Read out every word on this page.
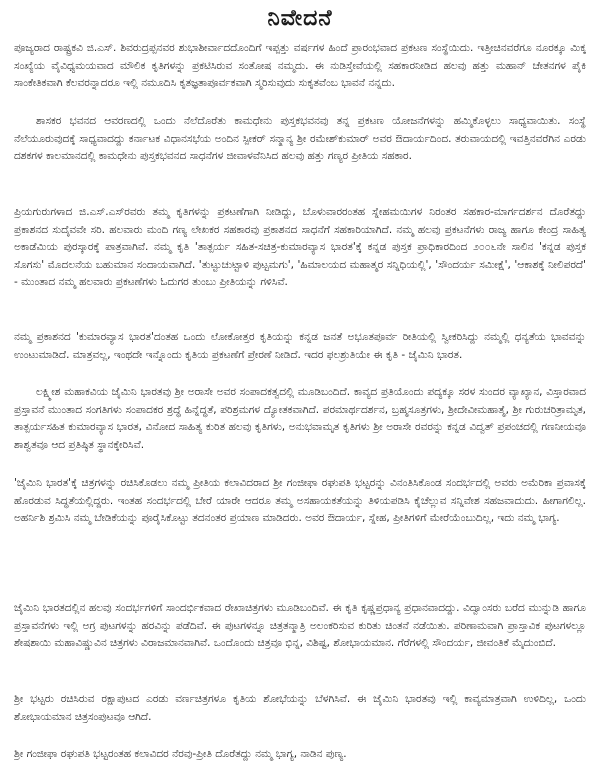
ನಿವೇದನೆ

ಪೂಜ್ಯರಾದ ರಾಷ್ಟ್ರಕವಿ ಜಿ.ಎಸ್. ಶಿವರುದ್ರಪ್ಪನವರ ಶುಭಾಶೀರ್ವಾದದೊಂದಿಗೆ ಇಪ್ಪತ್ತು ವರ್ಷಗಳ ಹಿಂದೆ ಪ್ರಾರಂಭವಾದ ಪ್ರಕಟಣ ಸಂಸ್ಥೆಯಿದು. ಇತ್ತೀಚಿನವರೆಗೂ ನೂರಕ್ಕೂ ಮಿಕ್ಕ ಸಂಖ್ಯೆಯ ವೈವಿಧ್ಯಮಯವಾದ ಮೌಲಿಕ ಕೃತಿಗಳನ್ನು ಪ್ರಕಟಿಸಿರುವ ಸಂತೋಷ ನಮ್ಮದು. ಈ ನುಡಿಸ್ತೇವೆಯಲ್ಲಿ ಸಹಕಾರನೀಡಿದ ಹಲವು ಹತ್ತು ಮಹಾನ್ ಚೇತನಗಳ ಪೈಕಿ ಸಾಂಕೇತಿಕವಾಗಿ ಕೆಲವರನ್ನಾದರೂ ಇಲ್ಲಿ ನಮೂದಿಸಿ ಕೃತಜ್ಞತಾಪೂರ್ವಕವಾಗಿ ಸ್ಮರಿಸುವುದು ಸುಕೃತವೆಂಬ ಭಾವನೆ ನನ್ನದು.

ಶಾಸಕರ ಭವನದ ಆವರಣದಲ್ಲಿ ಒಂದು ನೆಲೆದೊರೆತು ಕಾಮಧೇನು ಪುಸ್ತಕಭವನವು ತನ್ನ ಪ್ರಕಟಣ ಯೋಜನೆಗಳನ್ನು ಹಮ್ಮಿಕೊಳ್ಳಲು ಸಾಧ್ಯವಾಯಿತು. ಸಂಸ್ಥೆ ನೆಲೆಯೂರುವುದಕ್ಕೆ ಸಾಧ್ಯವಾದದ್ದು ಕರ್ನಾಟಕ ವಿಧಾನಸಭೆಯ ಅಂದಿನ ಸ್ಪೀಕರ್ ಸನ್ಮಾನ್ಯ ಶ್ರೀ ರಮೇಶ್‌ಕುಮಾರ್ ಅವರ ಔದಾರ್ಯದಿಂದ. ತರುವಾಯದಲ್ಲಿ ಇವತ್ತಿನವರೆಗಿನ ಎರಡು ದಶಕಗಳ ಕಾಲಮಾನದಲ್ಲಿ ಕಾಮಧೇನು ಪುಸ್ತಕಭವನದ ಸಾಧನೆಗಳ ಜೀವಾಳವೆನಿಸಿದ ಹಲವು ಹತ್ತು ಗಣ್ಯರ ಪ್ರೀತಿಯ ಸಹಕಾರ.

ಪ್ರಿಯಗುರುಗಳಾದ ಜಿ.ಎಸ್.ಎಸ್‌ರವರು ತಮ್ಮ ಕೃತಿಗಳನ್ನು ಪ್ರಕಟಣೆಗಾಗಿ ನೀಡಿದ್ದು, ಬೊಳುವಾರರಂತಹ ಸ್ನೇಹಮಯಿಗಳ ನಿರಂತರ ಸಹಕಾರ-ಮಾರ್ಗದರ್ಶನ ದೊರೆತದ್ದು ಪ್ರಕಾಶನದ ಸುದೈವವೇ ಸರಿ. ಹಲವಾರು ಮಂದಿ ಗಣ್ಯ ಲೇಖಕರ ಸಹಕಾರವು ಪ್ರಕಾಶನದ ಸಾಧನೆಗೆ ಸಹಕಾರಿಯಾಗಿದೆ. ನಮ್ಮ ಹಲವು ಪ್ರಕಟನೆಗಳು ರಾಜ್ಯ ಹಾಗೂ ಕೇಂದ್ರ ಸಾಹಿತ್ಯ ಅಕಾಡೆಮಿಯ ಪುರಸ್ಕಾರಕ್ಕೆ ಪಾತ್ರವಾಗಿವೆ. ನಮ್ಮ ಕೃತಿ 'ತಾತ್ಪರ್ಯ ಸಹಿತ-ಸಚಿತ್ರ-ಕುಮಾರವ್ಯಾಸ ಭಾರತ'ಕ್ಕೆ ಕನ್ನಡ ಪುಸ್ತಕ ಪ್ರಾಧಿಕಾರದಿಂದ ೨೦೦೬ನೇ ಸಾಲಿನ 'ಕನ್ನಡ ಪುಸ್ತಕ ಸೊಗಸು' ಮೊದಲನೆಯ ಬಹುಮಾನ ಸಂದಾಯವಾಗಿದೆ. 'ತುಟ್ಟುಚುಟ್ಟಾಳಿ ಪುಟ್ಟಮಗು', 'ಹಿಮಾಲಯದ ಮಹಾತ್ಮರ ಸನ್ನಿಧಿಯಲ್ಲಿ', 'ಸೌಂದರ್ಯ ಸಮೀಕ್ಷೆ', 'ಆಕಾಶಕ್ಕೆ ನೀಲಿಪರದೆ' - ಮುಂತಾದ ನಮ್ಮ ಹಲವಾರು ಪ್ರಕಟಣೆಗಳು ಓದುಗರ ತುಂಬು ಪ್ರೀತಿಯನ್ನು ಗಳಿಸಿವೆ.

ನಮ್ಮ ಪ್ರಕಾಶನದ 'ಕುಮಾರವ್ಯಾಸ ಭಾರತ'ದಂತಹ ಒಂದು ಲೋಕೋತ್ತರ ಕೃತಿಯನ್ನು ಕನ್ನಡ ಜನತೆ ಅಭೂತಪೂರ್ವ ರೀತಿಯಲ್ಲಿ ಸ್ವೀಕರಿಸಿದ್ದು ನಮ್ಮಲ್ಲಿ ಧನ್ಯತೆಯ ಭಾವವನ್ನು ಉಂಟುಮಾಡಿದೆ. ಮಾತ್ರವಲ್ಲ, ಇಂಥದೇ ಇನ್ನೊಂದು ಕೃತಿಯ ಪ್ರಕಟಣೆಗೆ ಪ್ರೇರಣೆ ನೀಡಿದೆ. ಇದರ ಫಲಶ್ರುತಿಯೇ ಈ ಕೃತಿ - ಜೈಮಿನಿ ಭಾರತ.

ಲಕ್ಷ್ಮೀಶ ಮಹಾಕವಿಯ ಜೈಮಿನಿ ಭಾರತವು ಶ್ರೀ ಅರಾಸೇ ಅವರ ಸಂಪಾದಕತ್ವದಲ್ಲಿ ಮೂಡಿಬಂದಿದೆ. ಕಾವ್ಯದ ಪ್ರತಿಯೊಂದು ಪದ್ಯಕ್ಕೂ ಸರಳ ಸುಂದರ ವ್ಯಾಖ್ಯಾನ, ವಿಸ್ತಾರವಾದ ಪ್ರಸ್ತಾವನೆ ಮುಂತಾದ ಸಂಗತಿಗಳು ಸಂಪಾದಕರ ಶ್ರದ್ಧೆ ಹಿನ್ನೆದ್ಧತೆ, ಪರಿಶ್ರಮಗಳ ದ್ಯೋತಕವಾಗಿದೆ. ಪರಮಾರ್ಥದರ್ಶನ, ಬ್ರಹ್ಮಸೂತ್ರಗಳು, ಶ್ರೀದೇವೀಮಹಾತ್ಮೆ, ಶ್ರೀ ಗುರುಚರಿತ್ರಾಮೃತ, ತಾತ್ಪರ್ಯಸಹಿತ ಕುಮಾರವ್ಯಾಸ ಭಾರತ, ವಿನೋದ ಸಾಹಿತ್ಯ ಕುರಿತ ಹಲವು ಕೃತಿಗಳು, ಅನುಭವಾಮೃತ ಕೃತಿಗಳು ಶ್ರೀ ಅರಾಸೇ ರವರನ್ನು ಕನ್ನಡ ವಿದ್ವತ್ ಪ್ರಪಂಚದಲ್ಲಿ ಗಣನೀಯವೂ ಶಾಶ್ವತವೂ ಆದ ಪ್ರತಿಷ್ಠಿತ ಸ್ಥಾನಕ್ಕೇರಿಸಿವೆ.

'ಜೈಮಿನಿ ಭಾರತ'ಕ್ಕೆ ಚಿತ್ರಗಳನ್ನು ರಚಿಸಿಕೊಡಲು ನಮ್ಮ ಪ್ರೀತಿಯ ಕಲಾವಿದರಾದ ಶ್ರೀ ಗಂಜೀಫಾ ರಘುಪತಿ ಭಟ್ಟರನ್ನು ವಿನಂತಿಸಿಕೊಂಡ ಸಂದರ್ಭದಲ್ಲಿ ಅವರು ಅಮೆರಿಕಾ ಪ್ರವಾಸಕ್ಕೆ ಹೊರಡುವ ಸಿದ್ಧತೆಯಲ್ಲಿದ್ದರು. ಇಂತಹ ಸಂದರ್ಭದಲ್ಲಿ ಬೇರೆ ಯಾರೇ ಆದರೂ ತಮ್ಮ ಅಸಹಾಯಕತೆಯನ್ನು ತಿಳಿಯಪಡಿಸಿ ಕೈಚೆಲ್ಲುವ ಸನ್ನಿವೇಶ ಸಹಜವಾದುದು. ಹೀಗಾಗಲಿಲ್ಲ. ಅಹರ್ನಿಶಿ ಶ್ರಮಿಸಿ ನಮ್ಮ ಬೇಡಿಕೆಯನ್ನು ಪೂರೈಸಿಕೊಟ್ಟು ತದನಂತರ ಪ್ರಯಾಣ ಮಾಡಿದರು. ಅವರ ಔದಾರ್ಯ, ಸ್ನೇಹ, ಪ್ರೀತಿಗಳಿಗೆ ಮೇರೆಯೆಂಬುದಿಲ್ಲ, ಇದು ನಮ್ಮ ಭಾಗ್ಯ.

ಜೈಮಿನಿ ಭಾರತದಲ್ಲಿನ ಹಲವು ಸಂದರ್ಭಗಳಿಗೆ ಸಾಂದರ್ಭಿಕವಾದ ರೇಖಾಚಿತ್ರಗಳು ಮೂಡಿಬಂದಿವೆ. ಈ ಕೃತಿ ಕೃಷ್ಣಪ್ರಧಾನ್ಯ ಪ್ರಧಾನವಾದದ್ದು. ವಿದ್ವಾಂಸರು ಬರೆದ ಮುನ್ನುಡಿ ಹಾಗೂ ಪ್ರಸ್ತಾವನೆಗಳು ಇಲ್ಲಿ ಅಗ್ರ ಪುಟಗಳನ್ನು ಹರವಿನ್ನು ಪಡೆದಿವೆ. ಈ ಪುಟಗಳನ್ನೂ ಚಿತ್ರತನ್ಮಾತ್ರಿ ಅಲಂಕರಿಸುವ ಕುರಿತು ಚಿಂತನೆ ನಡೆಯಿತು. ಪರಿಣಾಮವಾಗಿ ಪ್ರಾಸ್ತಾವಿಕ ಪುಟಗಳಲ್ಲೂ ಶೇಷಶಾಯಿ ಮಹಾವಿಷ್ಣುವಿನ ಚಿತ್ರಗಳು ವಿರಾಜಮಾನವಾಗಿವೆ. ಒಂದೊಂದು ಚಿತ್ರವೂ ಭಿನ್ನ, ವಿಶಿಷ್ಟ, ಶೋಭಾಯಮಾನ. ಗೆರೆಗಳಲ್ಲಿ ಸೌಂದರ್ಯ, ಜೀವಂತಿಕೆ ಮೈದುಂಬಿದೆ.

ಶ್ರೀ ಭಟ್ಟರು ರಚಿಸಿರುವ ರಕ್ಷಾಪುಟದ ಎರಡು ವರ್ಣಚಿತ್ರಗಳೂ ಕೃತಿಯ ಶೋಭೆಯನ್ನು ಬೆಳಗಿಸಿವೆ. ಈ ಜೈಮಿನಿ ಭಾರತವು ಇಲ್ಲಿ ಕಾವ್ಯಮಾತ್ರವಾಗಿ ಉಳಿದಿಲ್ಲ, ಒಂದು ಶೋಭಾಯಮಾನ ಚಿತ್ರಸಂಪುಟವೂ ಆಗಿದೆ.

ಶ್ರೀ ಗಂಜೀಫಾ ರಘುಪತಿ ಭಟ್ಟರಂತಹ ಕಲಾವಿದರ ನೆರವು-ಪ್ರೀತಿ ದೊರೆತದ್ದು ನಮ್ಮ ಭಾಗ್ಯ, ನಾಡಿನ ಪುಣ್ಯ.
